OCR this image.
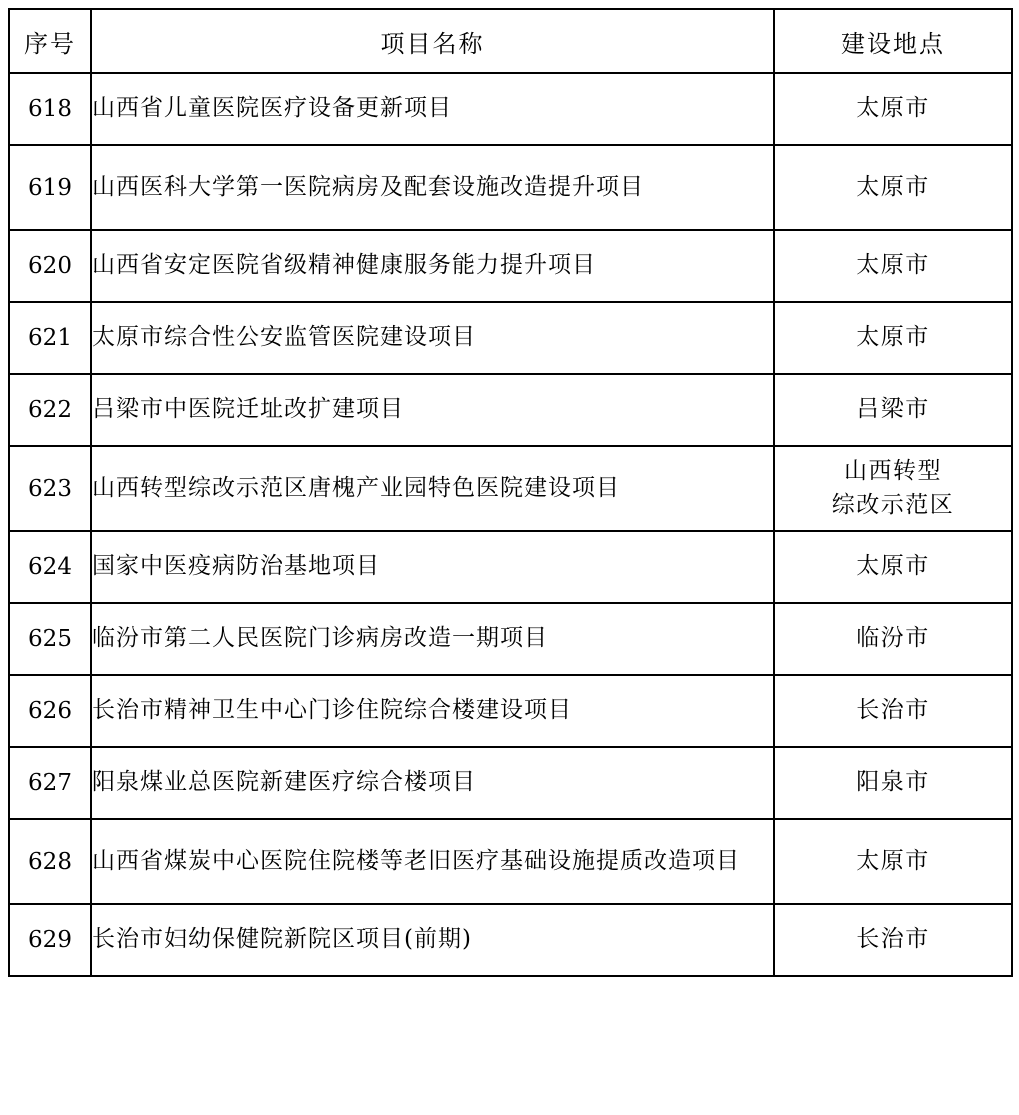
序号	项目名称	建设地点
618	山西省儿童医院医疗设备更新项目	太原市

619	山西医科大学第一医院病房及配套设施改造提升项目	太原市

620	山西省安定医院省级精神健康服务能力提升项目	太原市

621	太原市综合性公安监管医院建设项目	太原市

622	吕梁市中医院迁址改扩建项目	吕梁市

623	山西转型综改示范区唐槐产业园特色医院建设项目	山西转型
综改示范区

624	国家中医疫病防治基地项目	太原市

625	临汾市第二人民医院门诊病房改造一期项目	临汾市

626	长治市精神卫生中心门诊住院综合楼建设项目	长治市

627	阳泉煤业总医院新建医疗综合楼项目	阳泉市

628	山西省煤炭中心医院住院楼等老旧医疗基础设施提质改造项目	太原市

629	长治市妇幼保健院新院区项目(前期)	长治市
